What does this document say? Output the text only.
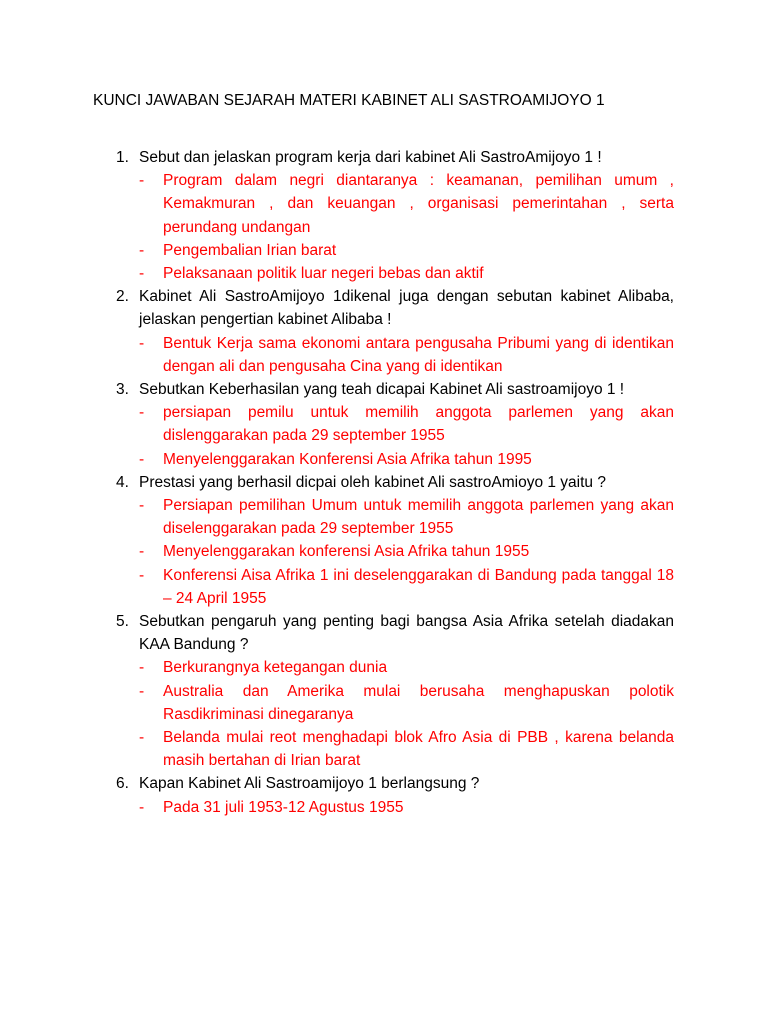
KUNCI JAWABAN SEJARAH MATERI KABINET ALI SASTROAMIJOYO 1
1. Sebut dan jelaskan program kerja dari kabinet Ali SastroAmijoyo 1 !

- Program dalam negri diantaranya : keamanan, pemilihan umum , Kemakmuran , dan keuangan , organisasi pemerintahan , serta perundang undangan

- Pengembalian Irian barat

- Pelaksanaan politik luar negeri bebas dan aktif

2. Kabinet Ali SastroAmijoyo 1dikenal juga dengan sebutan kabinet Alibaba, jelaskan pengertian kabinet Alibaba !

- Bentuk Kerja sama ekonomi antara pengusaha Pribumi yang di identikan dengan ali dan pengusaha Cina yang di identikan

3. Sebutkan Keberhasilan yang teah dicapai Kabinet Ali sastroamijoyo 1 !

- persiapan pemilu untuk memilih anggota parlemen yang akan dislenggarakan pada 29 september 1955

- Menyelenggarakan Konferensi Asia Afrika tahun 1995

4. Prestasi yang berhasil dicpai oleh kabinet Ali sastroAmioyo 1 yaitu ?

- Persiapan pemilihan Umum untuk memilih anggota parlemen yang akan diselenggarakan pada 29 september 1955

- Menyelenggarakan konferensi Asia Afrika tahun 1955

- Konferensi Aisa Afrika 1 ini deselenggarakan di Bandung pada tanggal 18 – 24 April 1955

5. Sebutkan pengaruh yang penting bagi bangsa Asia Afrika setelah diadakan KAA Bandung ?

- Berkurangnya ketegangan dunia

- Australia dan Amerika mulai berusaha menghapuskan polotik Rasdikriminasi dinegaranya

- Belanda mulai reot menghadapi blok Afro Asia di PBB , karena belanda masih bertahan di Irian barat

6. Kapan Kabinet Ali Sastroamijoyo 1 berlangsung ?

- Pada 31 juli 1953-12 Agustus 1955
